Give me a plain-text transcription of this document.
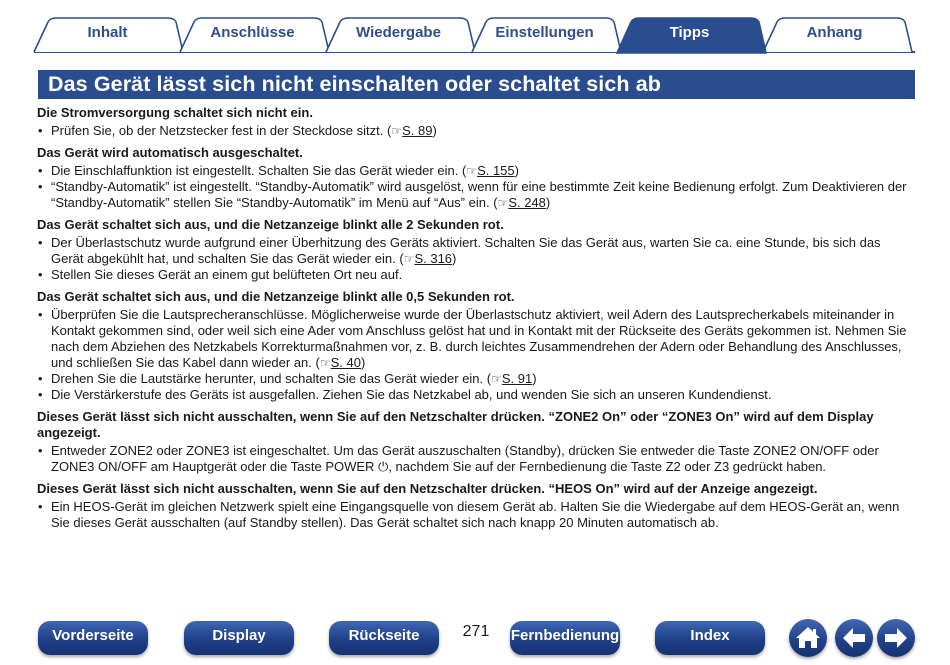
Inhalt	Anschlüsse	Wiedergabe	Einstellungen	Tipps	Anhang
Das Gerät lässt sich nicht einschalten oder schaltet sich ab
Die Stromversorgung schaltet sich nicht ein.
• Prüfen Sie, ob der Netzstecker fest in der Steckdose sitzt. (☞S. 89)
Das Gerät wird automatisch ausgeschaltet.
• Die Einschlaffunktion ist eingestellt. Schalten Sie das Gerät wieder ein. (☞S. 155)
• “Standby-Automatik” ist eingestellt. “Standby-Automatik” wird ausgelöst, wenn für eine bestimmte Zeit keine Bedienung erfolgt. Zum Deaktivieren der “Standby-Automatik” stellen Sie “Standby-Automatik” im Menü auf “Aus” ein. (☞S. 248)
Das Gerät schaltet sich aus, und die Netzanzeige blinkt alle 2 Sekunden rot.
• Der Überlastschutz wurde aufgrund einer Überhitzung des Geräts aktiviert. Schalten Sie das Gerät aus, warten Sie ca. eine Stunde, bis sich das Gerät abgekühlt hat, und schalten Sie das Gerät wieder ein. (☞S. 316)
• Stellen Sie dieses Gerät an einem gut belüfteten Ort neu auf.
Das Gerät schaltet sich aus, und die Netzanzeige blinkt alle 0,5 Sekunden rot.
• Überprüfen Sie die Lautsprecheranschlüsse. Möglicherweise wurde der Überlastschutz aktiviert, weil Adern des Lautsprecherkabels miteinander in Kontakt gekommen sind, oder weil sich eine Ader vom Anschluss gelöst hat und in Kontakt mit der Rückseite des Geräts gekommen ist. Nehmen Sie nach dem Abziehen des Netzkabels Korrekturmaßnahmen vor, z. B. durch leichtes Zusammendrehen der Adern oder Behandlung des Anschlusses, und schließen Sie das Kabel dann wieder an. (☞S. 40)
• Drehen Sie die Lautstärke herunter, und schalten Sie das Gerät wieder ein. (☞S. 91)
• Die Verstärkerstufe des Geräts ist ausgefallen. Ziehen Sie das Netzkabel ab, und wenden Sie sich an unseren Kundendienst.
Dieses Gerät lässt sich nicht ausschalten, wenn Sie auf den Netzschalter drücken. “ZONE2 On” oder “ZONE3 On” wird auf dem Display angezeigt.
• Entweder ZONE2 oder ZONE3 ist eingeschaltet. Um das Gerät auszuschalten (Standby), drücken Sie entweder die Taste ZONE2 ON/OFF oder ZONE3 ON/OFF am Hauptgerät oder die Taste POWER ⏻, nachdem Sie auf der Fernbedienung die Taste Z2 oder Z3 gedrückt haben.
Dieses Gerät lässt sich nicht ausschalten, wenn Sie auf den Netzschalter drücken. “HEOS On” wird auf der Anzeige angezeigt.
• Ein HEOS-Gerät im gleichen Netzwerk spielt eine Eingangsquelle von diesem Gerät ab. Halten Sie die Wiedergabe auf dem HEOS-Gerät an, wenn Sie dieses Gerät ausschalten (auf Standby stellen). Das Gerät schaltet sich nach knapp 20 Minuten automatisch ab.
Vorderseite	Display	Rückseite	271	Fernbedienung	Index
